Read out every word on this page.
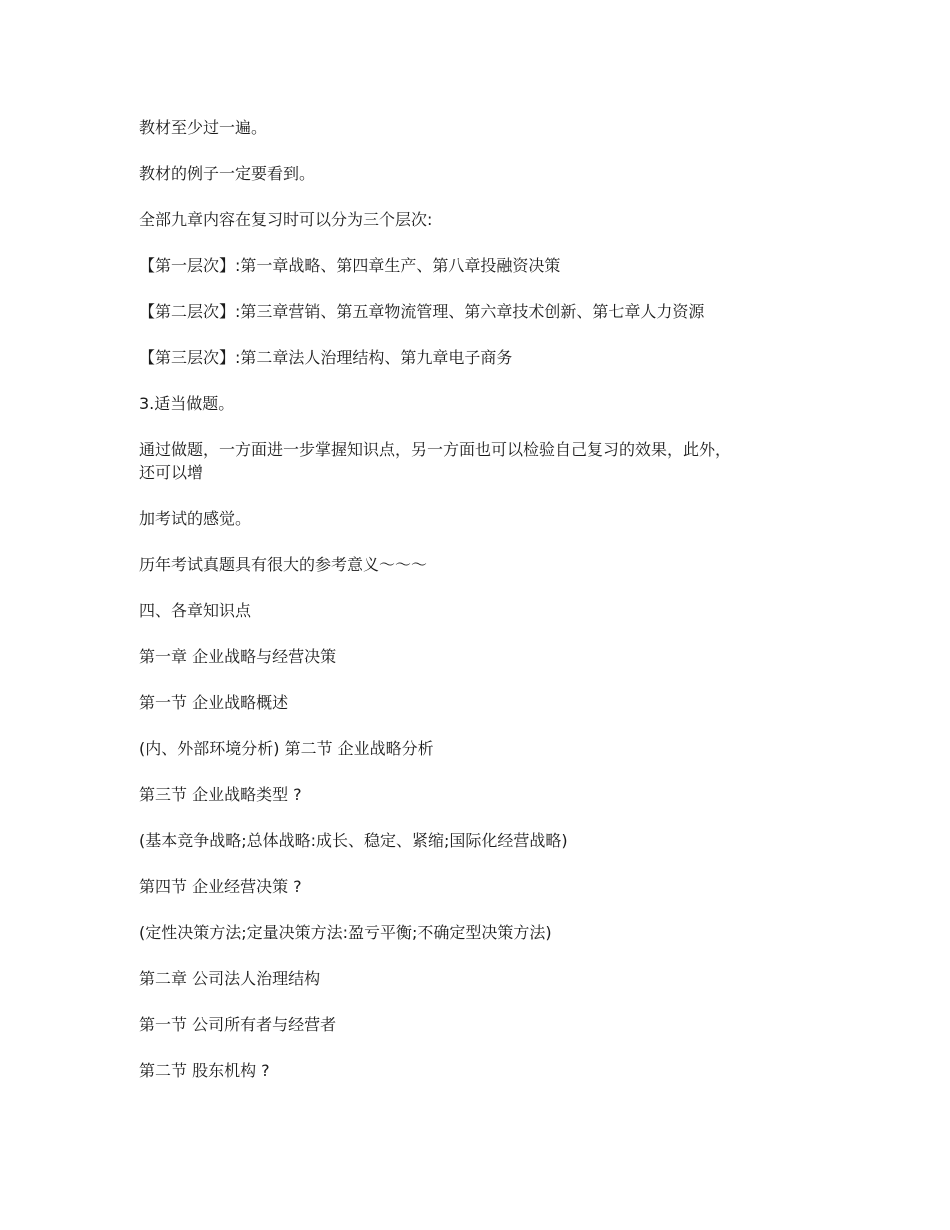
教材至少过一遍。

教材的例子一定要看到。

全部九章内容在复习时可以分为三个层次:

【第一层次】:第一章战略、第四章生产、第八章投融资决策

【第二层次】:第三章营销、第五章物流管理、第六章技术创新、第七章人力资源

【第三层次】:第二章法人治理结构、第九章电子商务

3.适当做题。

通过做题，一方面进一步掌握知识点，另一方面也可以检验自己复习的效果，此外，

还可以增

加考试的感觉。

历年考试真题具有很大的参考意义～～～

四、各章知识点

第一章 企业战略与经营决策

第一节 企业战略概述

(内、外部环境分析) 第二节 企业战略分析

第三节 企业战略类型 ?

(基本竞争战略;总体战略:成长、稳定、紧缩;国际化经营战略)

第四节 企业经营决策 ?

(定性决策方法;定量决策方法:盈亏平衡;不确定型决策方法)

第二章 公司法人治理结构

第一节 公司所有者与经营者

第二节 股东机构 ?
